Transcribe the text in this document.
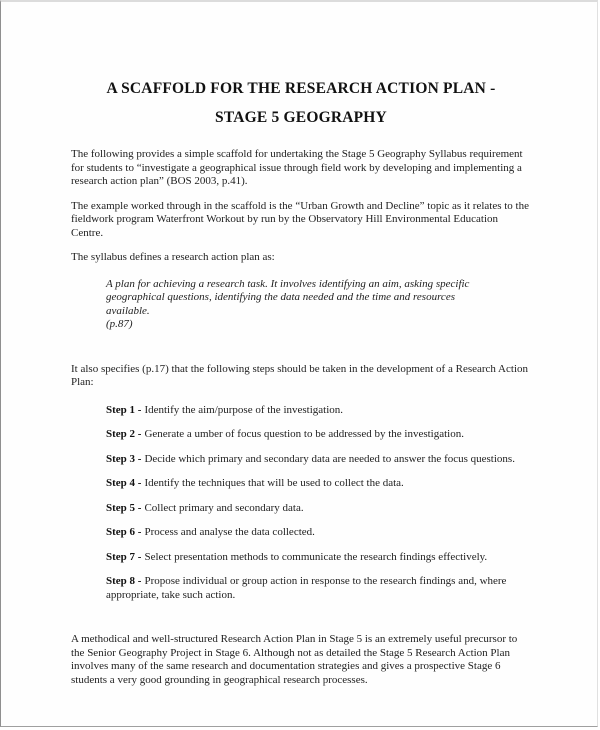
A SCAFFOLD FOR THE RESEARCH ACTION PLAN -
STAGE 5 GEOGRAPHY

The following provides a simple scaffold for undertaking the Stage 5 Geography Syllabus requirement for students to “investigate a geographical issue through field work by developing and implementing a research action plan” (BOS 2003, p.41).

The example worked through in the scaffold is the “Urban Growth and Decline” topic as it relates to the fieldwork program Waterfront Workout by run by the Observatory Hill Environmental Education Centre.

The syllabus defines a research action plan as:

A plan for achieving a research task. It involves identifying an aim, asking specific geographical questions, identifying the data needed and the time and resources available.
(p.87)

It also specifies (p.17) that the following steps should be taken in the development of a Research Action Plan:

Step 1 - Identify the aim/purpose of the investigation.

Step 2 - Generate a umber of focus question to be addressed by the investigation.

Step 3 - Decide which primary and secondary data are needed to answer the focus questions.

Step 4 - Identify the techniques that will be used to collect the data.

Step 5 - Collect primary and secondary data.

Step 6 - Process and analyse the data collected.

Step 7 - Select presentation methods to communicate the research findings effectively.

Step 8 - Propose individual or group action in response to the research findings and, where appropriate, take such action.

A methodical and well-structured Research Action Plan in Stage 5 is an extremely useful precursor to the Senior Geography Project in Stage 6. Although not as detailed the Stage 5 Research Action Plan involves many of the same research and documentation strategies and gives a prospective Stage 6 students a very good grounding in geographical research processes.
